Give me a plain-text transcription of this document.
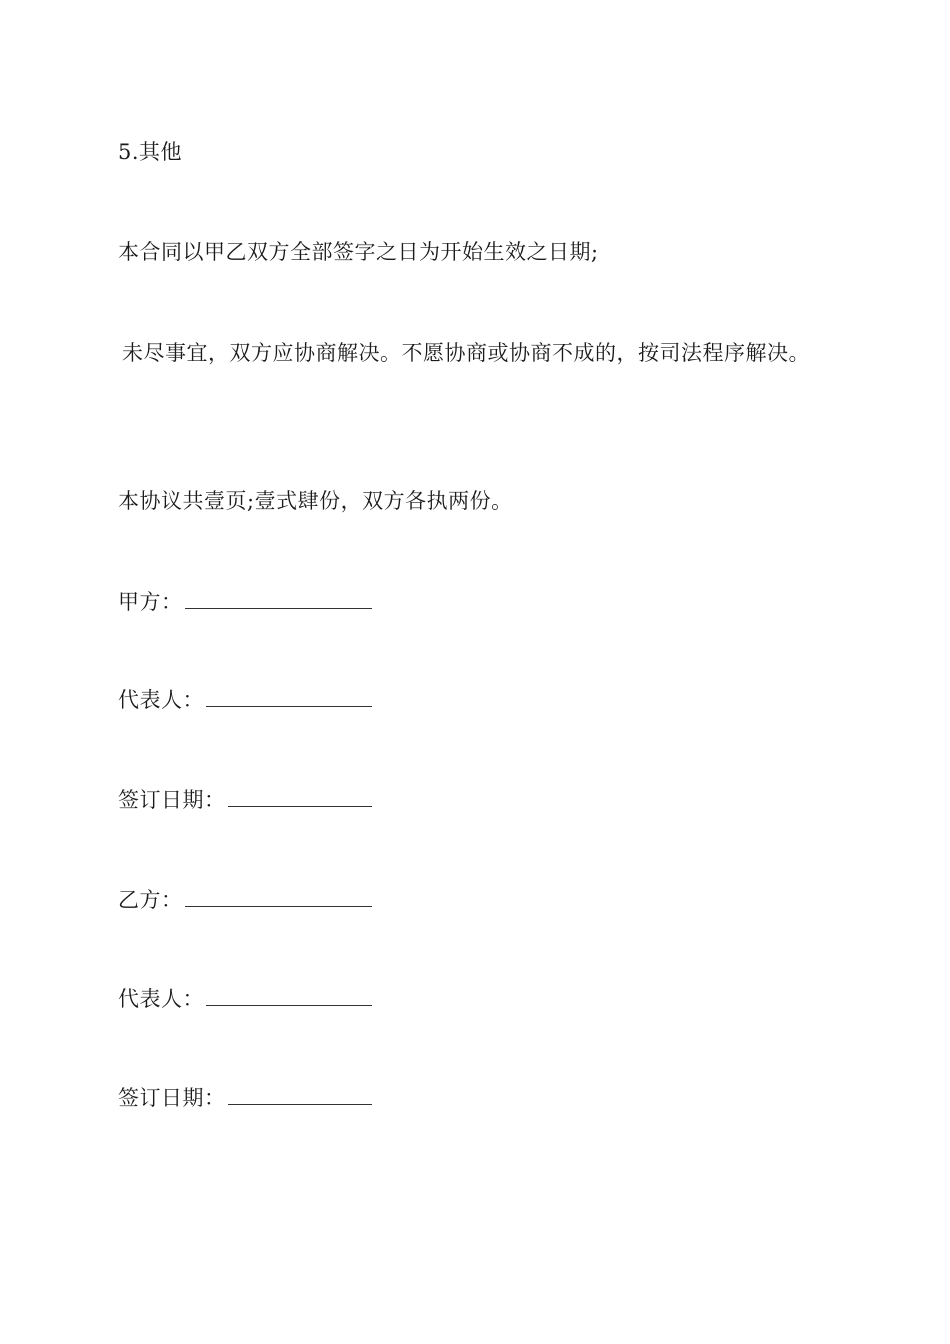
5.其他
本合同以甲乙双方全部签字之日为开始生效之日期;
未尽事宜，双方应协商解决。不愿协商或协商不成的，按司法程序解决。
本协议共壹页;壹式肆份，双方各执两份。
甲方：
代表人：
签订日期：
乙方：
代表人：
签订日期：
